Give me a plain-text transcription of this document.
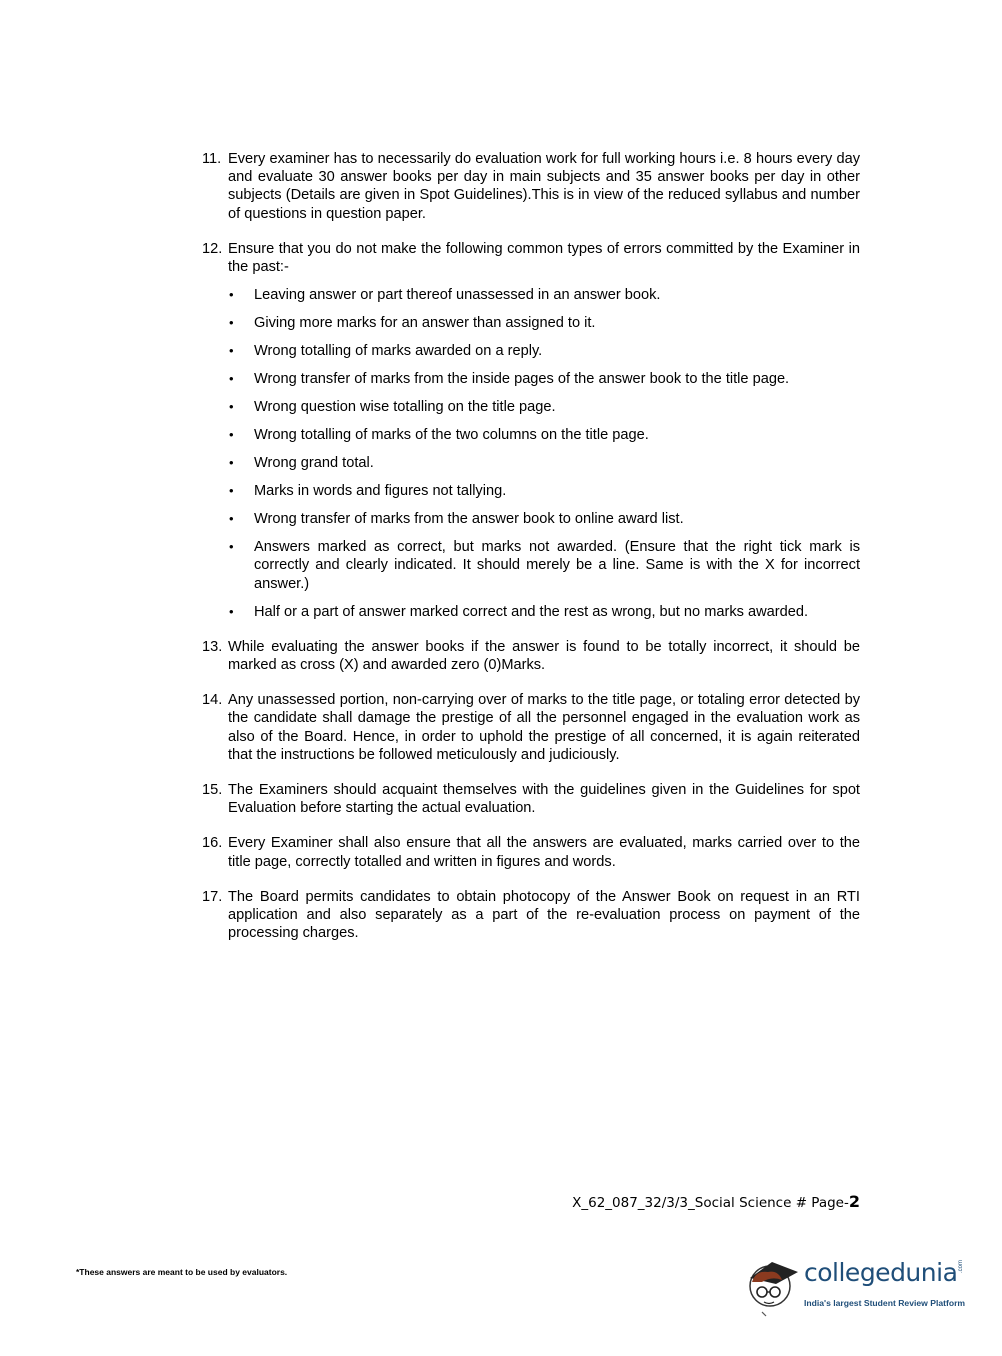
11. Every examiner has to necessarily do evaluation work for full working hours i.e. 8 hours every day and evaluate 30 answer books per day in main subjects and 35 answer books per day in other subjects (Details are given in Spot Guidelines).This is in view of the reduced syllabus and number of questions in question paper.
12. Ensure that you do not make the following common types of errors committed by the Examiner in the past:-
• Leaving answer or part thereof unassessed in an answer book.
• Giving more marks for an answer than assigned to it.
• Wrong totalling of marks awarded on a reply.
• Wrong transfer of marks from the inside pages of the answer book to the title page.
• Wrong question wise totalling on the title page.
• Wrong totalling of marks of the two columns on the title page.
• Wrong grand total.
• Marks in words and figures not tallying.
• Wrong transfer of marks from the answer book to online award list.
• Answers marked as correct, but marks not awarded. (Ensure that the right tick mark is correctly and clearly indicated. It should merely be a line. Same is with the X for incorrect answer.)
• Half or a part of answer marked correct and the rest as wrong, but no marks awarded.
13. While evaluating the answer books if the answer is found to be totally incorrect, it should be marked as cross (X) and awarded zero (0)Marks.
14. Any unassessed portion, non-carrying over of marks to the title page, or totaling error detected by the candidate shall damage the prestige of all the personnel engaged in the evaluation work as also of the Board. Hence, in order to uphold the prestige of all concerned, it is again reiterated that the instructions be followed meticulously and judiciously.
15. The Examiners should acquaint themselves with the guidelines given in the Guidelines for spot Evaluation before starting the actual evaluation.
16. Every Examiner shall also ensure that all the answers are evaluated, marks carried over to the title page, correctly totalled and written in figures and words.
17. The Board permits candidates to obtain photocopy of the Answer Book on request in an RTI application and also separately as a part of the re-evaluation process on payment of the processing charges.
X_62_087_32/3/3_Social Science # Page-2
*These answers are meant to be used by evaluators.	collegedunia .com
India's largest Student Review Platform
